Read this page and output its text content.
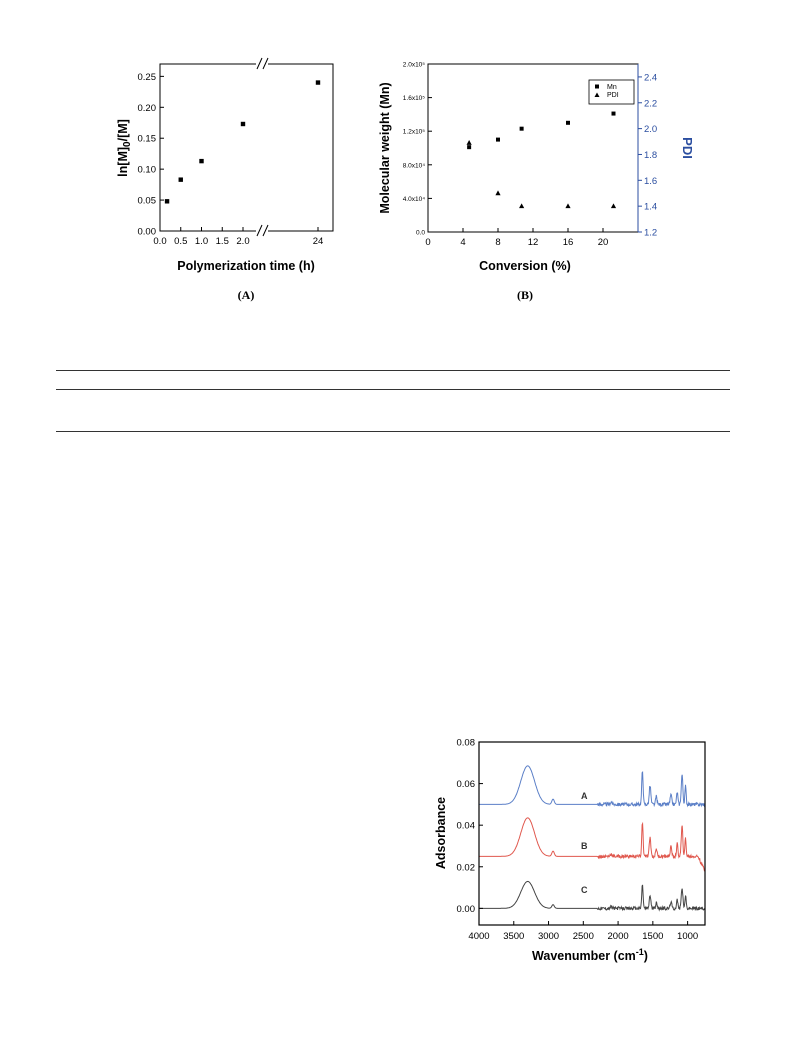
0.0 0.5 1.0 1.5 2.0	24
0.00
0.05
0.10
0.15
0.20
0.25
Polymerization time (h)
$\ln[M]_0/[M]$
(A)
0	4	8	12	16	20
0.0
4.0x10⁴
8.0x10⁴
1.2x10⁵
1.6x10⁵
2.0x10⁵
1.2
1.4
1.6
1.8
2.0
2.2
2.4
Mn
PDI
Conversion (%)
Molecular weight (Mn)	PDI
(B)
4000 3500 3000 2500 2000 1500 1000
0.00
0.02
0.04
0.06
0.08
A
B
C
Wavenumber $(cm^{-1})$
Adsorbance
